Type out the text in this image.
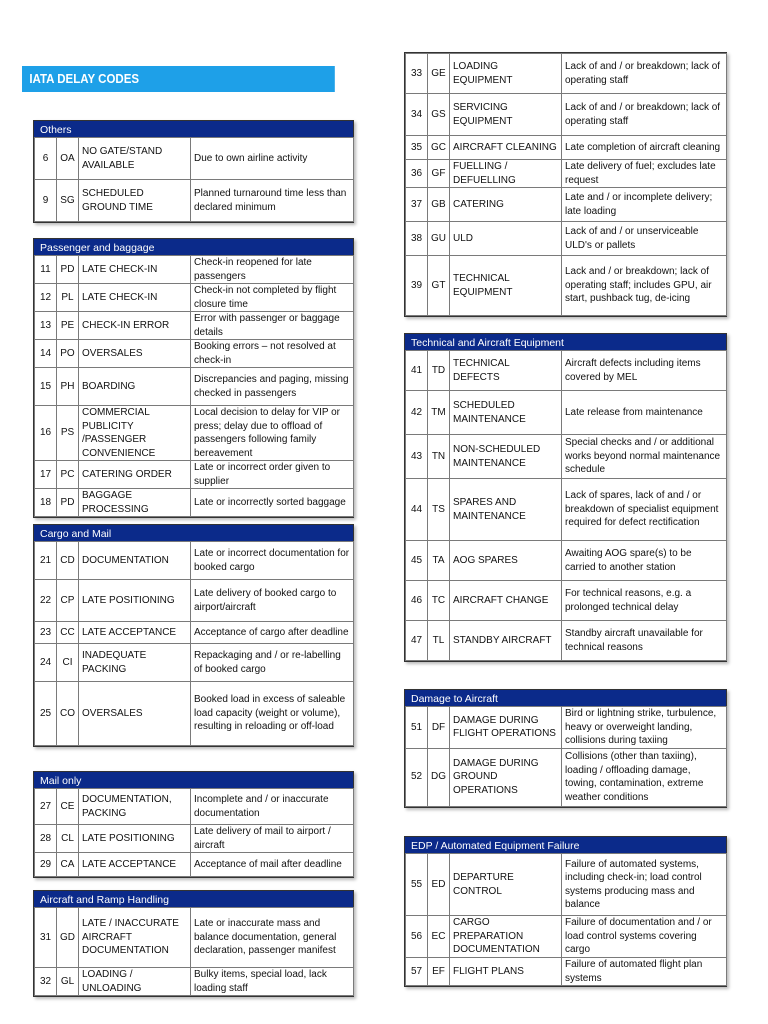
IATA DELAY CODES
Others
6	OA	NO GATE/STAND AVAILABLE	Due to own airline activity
9	SG	SCHEDULED GROUND TIME	Planned turnaround time less than declared minimum
Passenger and baggage
11	PD	LATE CHECK-IN	Check-in reopened for late passengers
12	PL	LATE CHECK-IN	Check-in not completed by flight closure time
13	PE	CHECK-IN ERROR	Error with passenger or baggage details
14	PO	OVERSALES	Booking errors – not resolved at check-in
15	PH	BOARDING	Discrepancies and paging, missing checked in passengers
16	PS	COMMERCIAL PUBLICITY /PASSENGER CONVENIENCE	Local decision to delay for VIP or press; delay due to offload of passengers following family bereavement
17	PC	CATERING ORDER	Late or incorrect order given to supplier
18	PD	BAGGAGE PROCESSING	Late or incorrectly sorted baggage
Cargo and Mail
21	CD	DOCUMENTATION	Late or incorrect documentation for booked cargo
22	CP	LATE POSITIONING	Late delivery of booked cargo to airport/aircraft
23	CC	LATE ACCEPTANCE	Acceptance of cargo after deadline
24	CI	INADEQUATE PACKING	Repackaging and / or re-labelling of booked cargo
25	CO	OVERSALES	Booked load in excess of saleable load capacity (weight or volume), resulting in reloading or off-load
Mail only
27	CE	DOCUMENTATION, PACKING	Incomplete and / or inaccurate documentation
28	CL	LATE POSITIONING	Late delivery of mail to airport / aircraft
29	CA	LATE ACCEPTANCE	Acceptance of mail after deadline
Aircraft and Ramp Handling
31	GD	LATE / INACCURATE AIRCRAFT DOCUMENTATION	Late or inaccurate mass and balance documentation, general declaration, passenger manifest
32	GL	LOADING / UNLOADING	Bulky items, special load, lack loading staff
33	GE	LOADING EQUIPMENT	Lack of and / or breakdown; lack of operating staff
34	GS	SERVICING EQUIPMENT	Lack of and / or breakdown; lack of operating staff
35	GC	AIRCRAFT CLEANING	Late completion of aircraft cleaning
36	GF	FUELLING / DEFUELLING	Late delivery of fuel; excludes late request
37	GB	CATERING	Late and / or incomplete delivery; late loading
38	GU	ULD	Lack of and / or unserviceable ULD's or pallets
39	GT	TECHNICAL EQUIPMENT	Lack and / or breakdown; lack of operating staff; includes GPU, air start, pushback tug, de-icing
Technical and Aircraft Equipment
41	TD	TECHNICAL DEFECTS	Aircraft defects including items covered by MEL
42	TM	SCHEDULED MAINTENANCE	Late release from maintenance
43	TN	NON-SCHEDULED MAINTENANCE	Special checks and / or additional works beyond normal maintenance schedule
44	TS	SPARES AND MAINTENANCE	Lack of spares, lack of and / or breakdown of specialist equipment required for defect rectification
45	TA	AOG SPARES	Awaiting AOG spare(s) to be carried to another station
46	TC	AIRCRAFT CHANGE	For technical reasons, e.g. a prolonged technical delay
47	TL	STANDBY AIRCRAFT	Standby aircraft unavailable for technical reasons
Damage to Aircraft
51	DF	DAMAGE DURING FLIGHT OPERATIONS	Bird or lightning strike, turbulence, heavy or overweight landing, collisions during taxiing
52	DG	DAMAGE DURING GROUND OPERATIONS	Collisions (other than taxiing), loading / offloading damage, towing, contamination, extreme weather conditions
EDP / Automated Equipment Failure
55	ED	DEPARTURE CONTROL	Failure of automated systems, including check-in; load control systems producing mass and balance
56	EC	CARGO PREPARATION DOCUMENTATION	Failure of documentation and / or load control systems covering cargo
57	EF	FLIGHT PLANS	Failure of automated flight plan systems
